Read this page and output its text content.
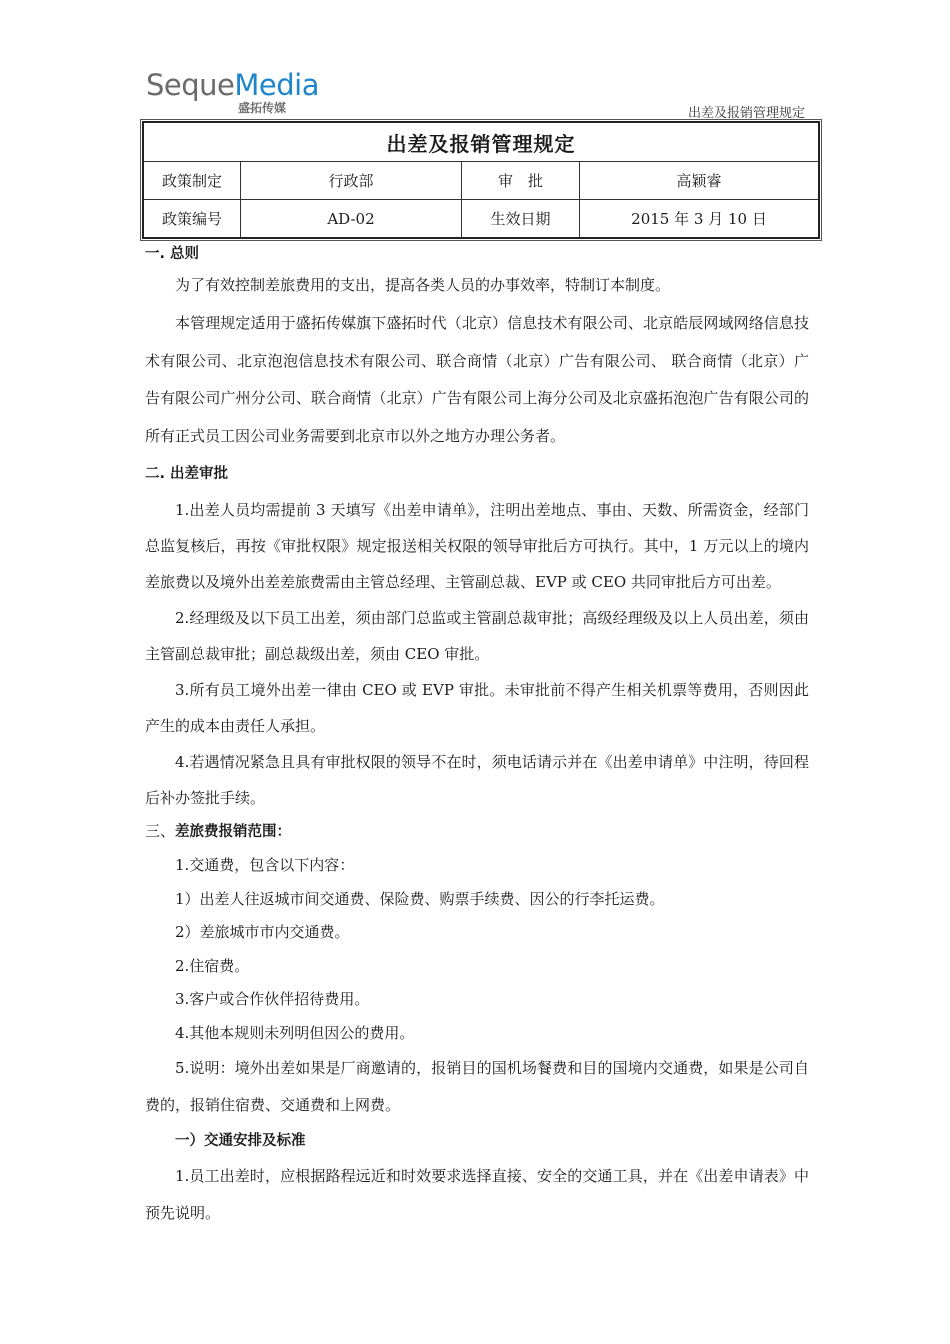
SequeMedia
盛拓传媒	出差及报销管理规定
出差及报销管理规定			
政策制定	行政部	审　批	高颖睿
政策编号	AD-02	生效日期	2015 年 3 月 10 日

一. 总则

为了有效控制差旅费用的支出，提高各类人员的办事效率，特制订本制度。

本管理规定适用于盛拓传媒旗下盛拓时代（北京）信息技术有限公司、北京皓辰网域网络信息技术有限公司、北京泡泡信息技术有限公司、联合商情（北京）广告有限公司、 联合商情（北京）广告有限公司广州分公司、联合商情（北京）广告有限公司上海分公司及北京盛拓泡泡广告有限公司的所有正式员工因公司业务需要到北京市以外之地方办理公务者。

二. 出差审批

1.出差人员均需提前 3 天填写《出差申请单》，注明出差地点、事由、天数、所需资金，经部门总监复核后，再按《审批权限》规定报送相关权限的领导审批后方可执行。其中，1 万元以上的境内差旅费以及境外出差差旅费需由主管总经理、主管副总裁、EVP 或 CEO 共同审批后方可出差。

2.经理级及以下员工出差，须由部门总监或主管副总裁审批；高级经理级及以上人员出差，须由主管副总裁审批；副总裁级出差，须由 CEO 审批。

3.所有员工境外出差一律由 CEO 或 EVP 审批。未审批前不得产生相关机票等费用，否则因此产生的成本由责任人承担。

4.若遇情况紧急且具有审批权限的领导不在时，须电话请示并在《出差申请单》中注明，待回程后补办签批手续。

三、差旅费报销范围：

1.交通费，包含以下内容：

1）出差人往返城市间交通费、保险费、购票手续费、因公的行李托运费。

2）差旅城市市内交通费。

2.住宿费。

3.客户或合作伙伴招待费用。

4.其他本规则未列明但因公的费用。

5.说明：境外出差如果是厂商邀请的，报销目的国机场餐费和目的国境内交通费，如果是公司自费的，报销住宿费、交通费和上网费。

一）交通安排及标准

1.员工出差时，应根据路程远近和时效要求选择直接、安全的交通工具，并在《出差申请表》中预先说明。
